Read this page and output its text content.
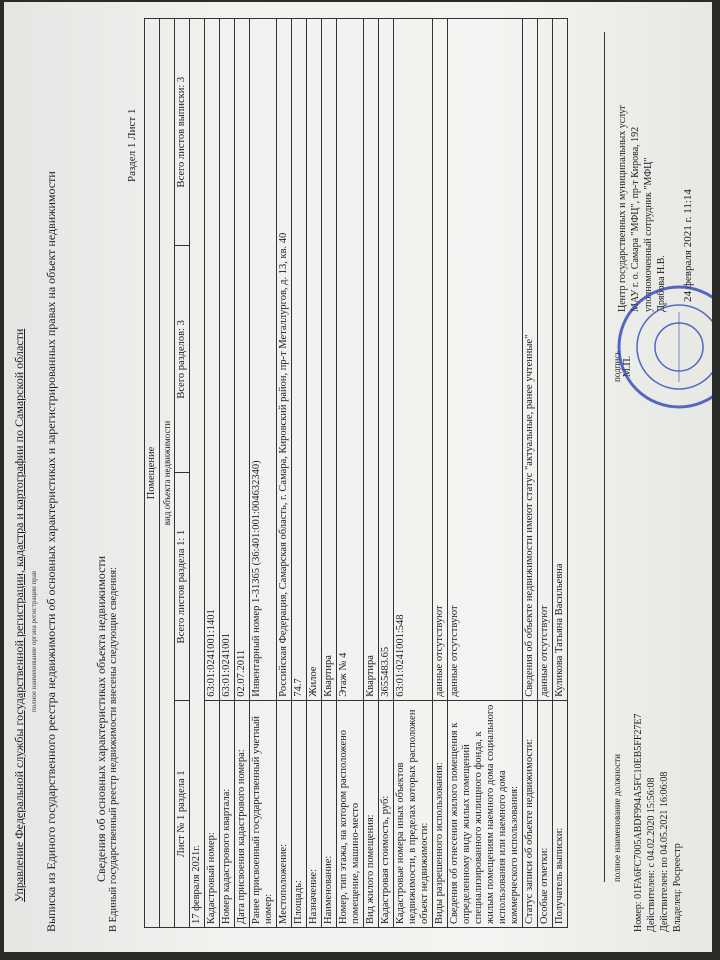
Управление Федеральной службы государственной регистрации, кадастра и картографии по Самарской области полное наименование органа регистрации прав Выписка из Единого государственного реестра недвижимости об основных характеристиках и зарегистрированных правах на объект недвижимости	Сведения об основных характеристиках объекта недвижимости В Единый государственный реестр недвижимости внесены следующие сведения:
Раздел 1 Лист 1
Помещение			
вид объекта недвижимости			
Лист № 1 раздела 1	Всего листов раздела 1: 1	Всего разделов: 3	Всего листов выписки: 3
17 февраля 2021г.			
Кадастровый номер:	63:01:0241001:1401		
Номер кадастрового квартала:	63:01:0241001		
Дата присвоения кадастрового номера:	02.07.2011		
Ранее присвоенный государственный учетный номер:	Инвентарный номер 1-31365 (36:401:001:004632340)		
Местоположение:	Российская Федерация, Самарская область, г. Самара, Кировский район, пр-т Металлургов, д. 13, кв. 40		
Площадь:	74.7		
Назначение:	Жилое		
Наименование:	Квартира		
Номер, тип этажа, на котором расположено помещение, машино-место	Этаж № 4		
Вид жилого помещения:	Квартира		
Кадастровая стоимость, руб:	3655483.65		
Кадастровые номера иных объектов недвижимости, в пределах которых расположен объект недвижимости:	63:01:0241001:548		
Виды разрешенного использования:	данные отсутствуют		
Сведения об отнесении жилого помещения к определенному виду жилых помещений специализированного жилищного фонда, к жилым помещениям наемного дома социального использования или наемного дома коммерческого использования:	данные отсутствуют		
Статус записи об объекте недвижимости:	Сведения об объекте недвижимости имеют статус "актуальные, ранее учтенные"		
Особые отметки:	данные отсутствуют		
Получатель выписки:	Куликова Татьяна Васильевна		
полное наименование должности
подпись М.П.
Номер: 01FA6FC7005ABDF994A5FC10EB5FF27E7 Действителен: с 04.02.2020 15:56:08 Действителен: по 04.05.2021 16:06:08 Владелец: Росреестр
Центр государственных и муниципальных услуг МАУ г. о. Самара "МФЦ", пр-т Кирова, 192 уполномоченный сотрудник "МФЦ" Дрябова Н.В. 24 февраля 2021 г. 11:14
